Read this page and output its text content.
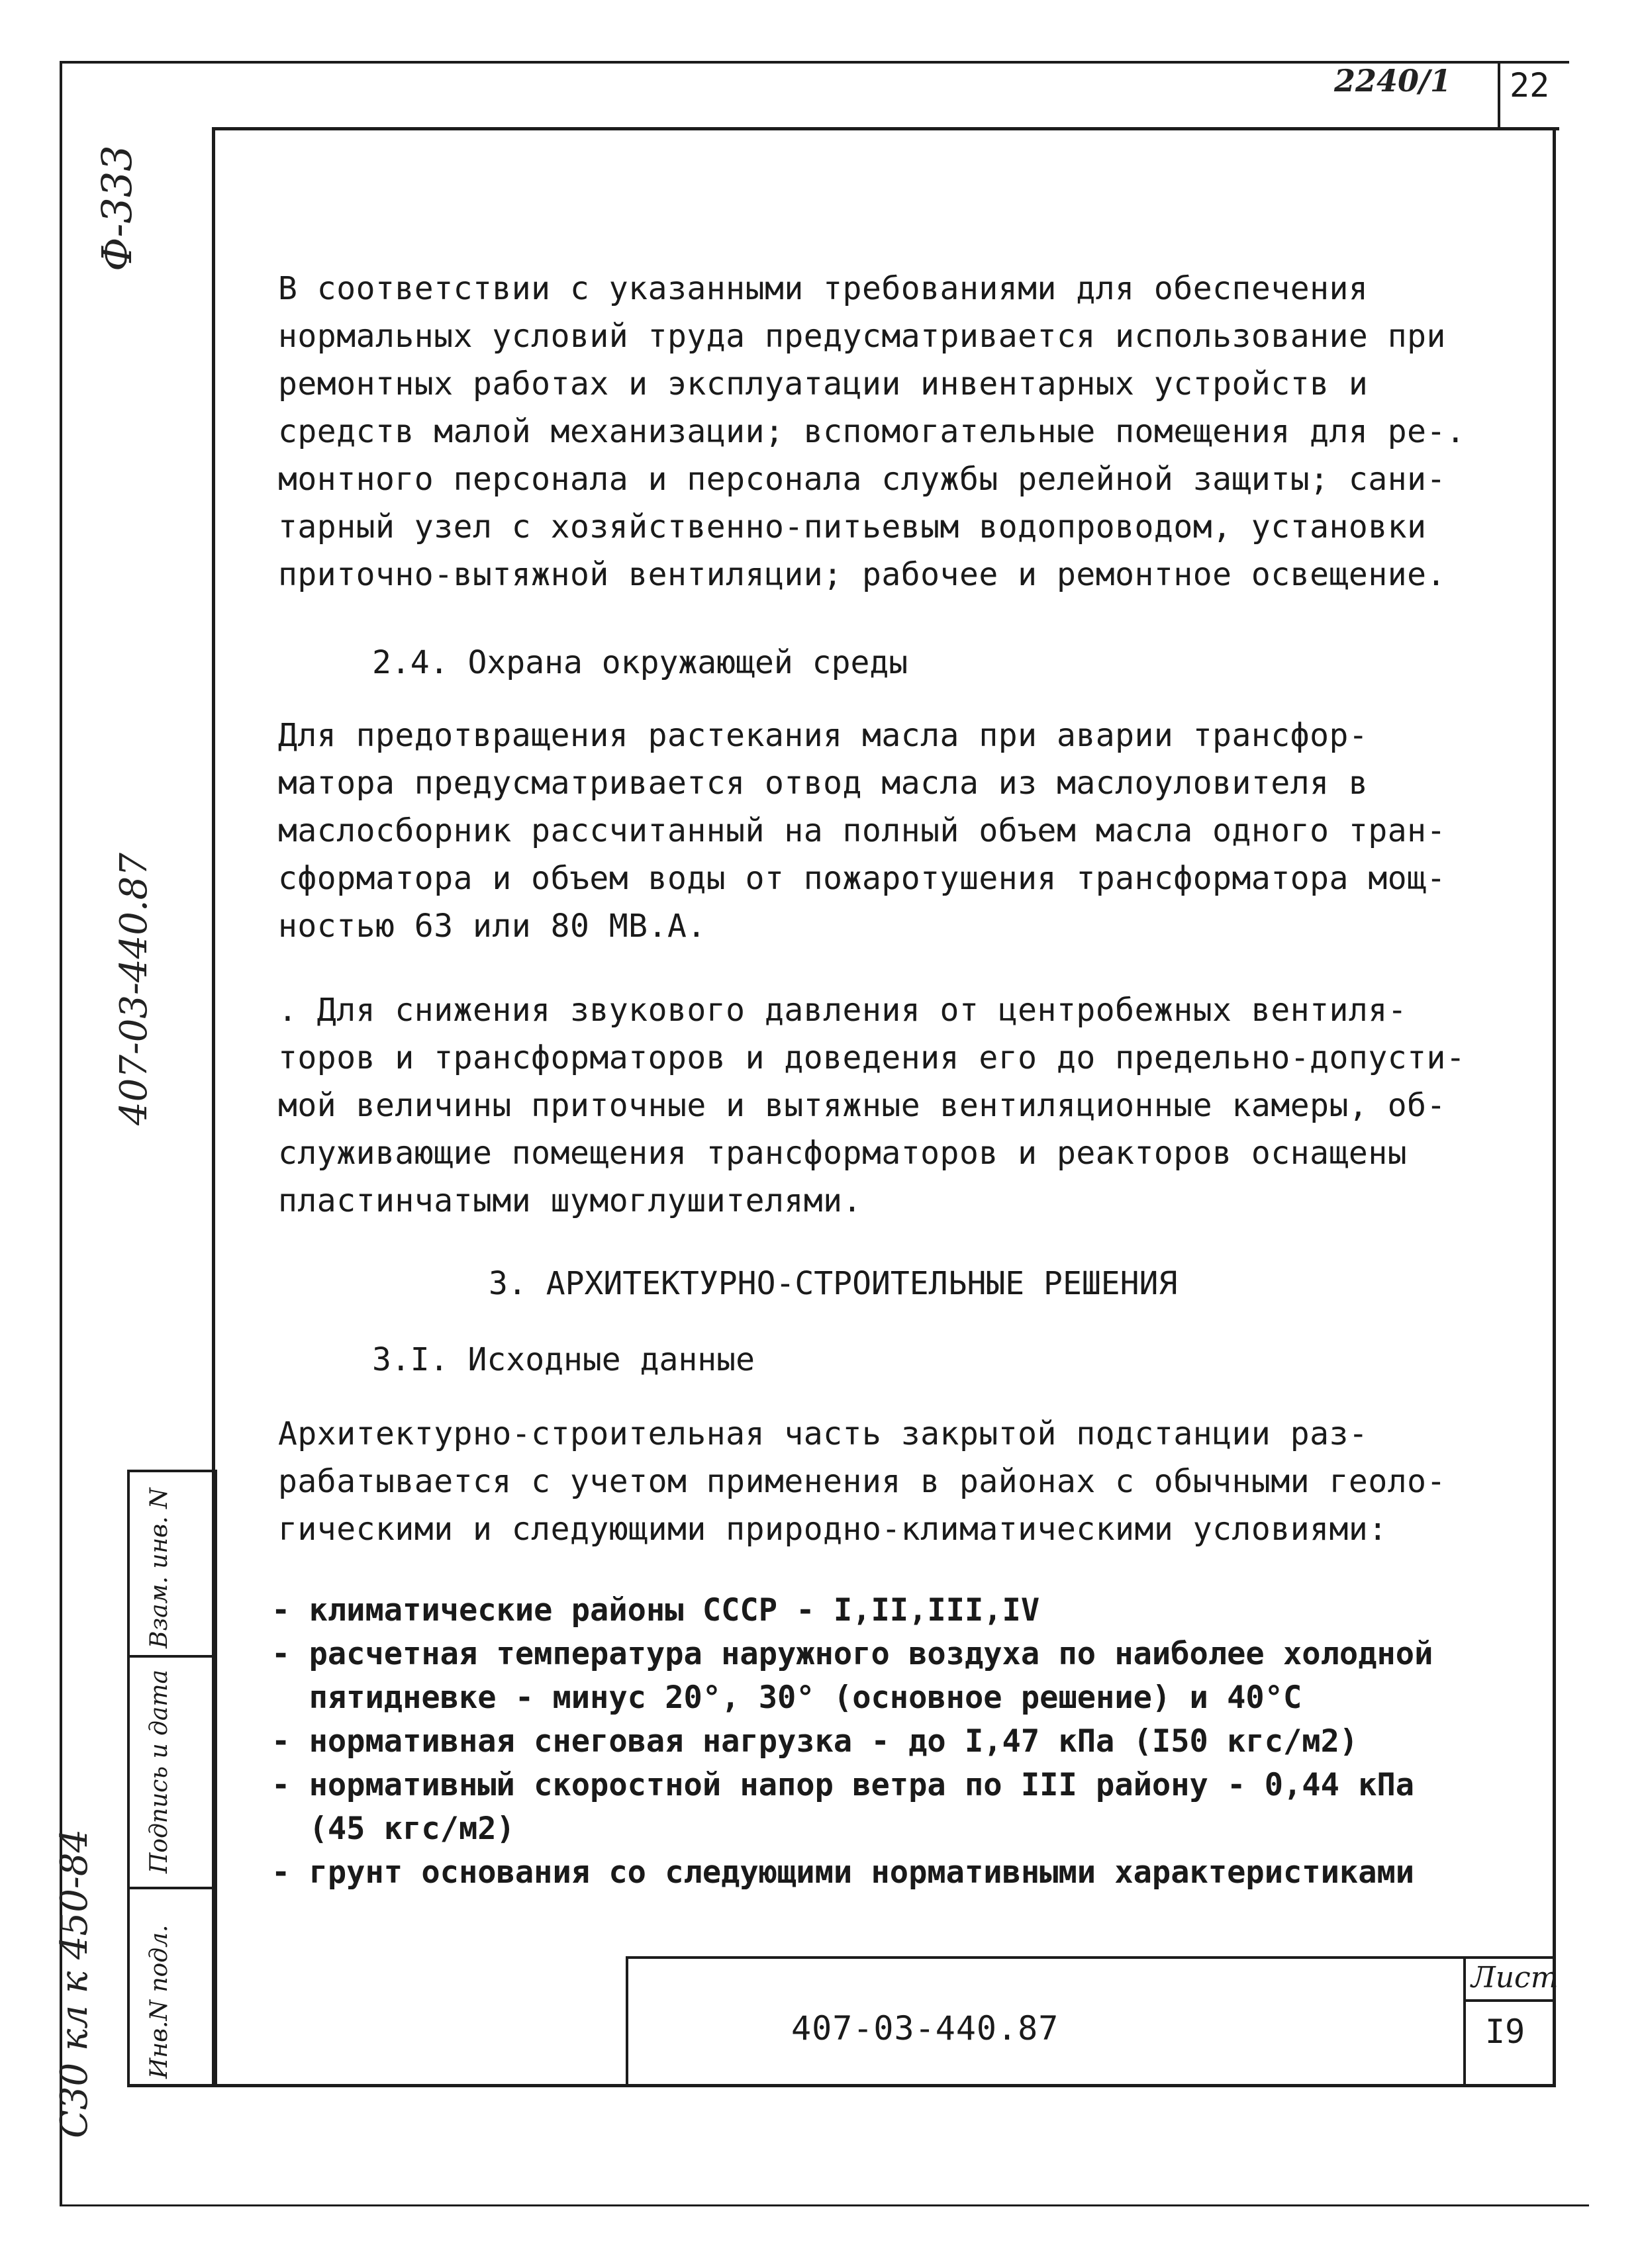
2240/1 22
Ф-333
407-03-440.87
С30 кл к 450-84
В соответствии с указанными требованиями для обеспечения
нормальных условий труда предусматривается использование при
ремонтных работах и эксплуатации инвентарных устройств и
средств малой механизации; вспомогательные помещения для ре-.
монтного персонала и персонала службы релейной защиты; сани-
тарный узел с хозяйственно-питьевым водопроводом, установки
приточно-вытяжной вентиляции; рабочее и ремонтное освещение.
2.4. Охрана окружающей среды
Для предотвращения растекания масла при аварии трансфор-
матора предусматривается отвод масла из маслоуловителя в
маслосборник рассчитанный на полный объем масла одного тран-
сформатора и объем воды от пожаротушения трансформатора мощ-
ностью 63 или 80 МВ.А.
. Для снижения звукового давления от центробежных вентиля-
торов и трансформаторов и доведения его до предельно-допусти-
мой величины приточные и вытяжные вентиляционные камеры, об-
служивающие помещения трансформаторов и реакторов оснащены
пластинчатыми шумоглушителями.
3. АРХИТЕКТУРНО-СТРОИТЕЛЬНЫЕ РЕШЕНИЯ
3.I. Исходные данные
Архитектурно-строительная часть закрытой подстанции раз-
рабатывается с учетом применения в районах с обычными геоло-
гическими и следующими природно-климатическими условиями:
- климатические районы СССР - I,II,III,IV
- расчетная температура наружного воздуха по наиболее холодной
пятидневке - минус 20°, 30° (основное решение) и 40°С
- нормативная снеговая нагрузка - до I,47 кПа (I50 кгс/м2)
- нормативный скоростной напор ветра по III району - 0,44 кПа
(45 кгс/м2)
- грунт основания со следующими нормативными характеристиками
Инв.N подл.
Подпись и дата
Взам. инв. N
407-03-440.87
Лист
I9
